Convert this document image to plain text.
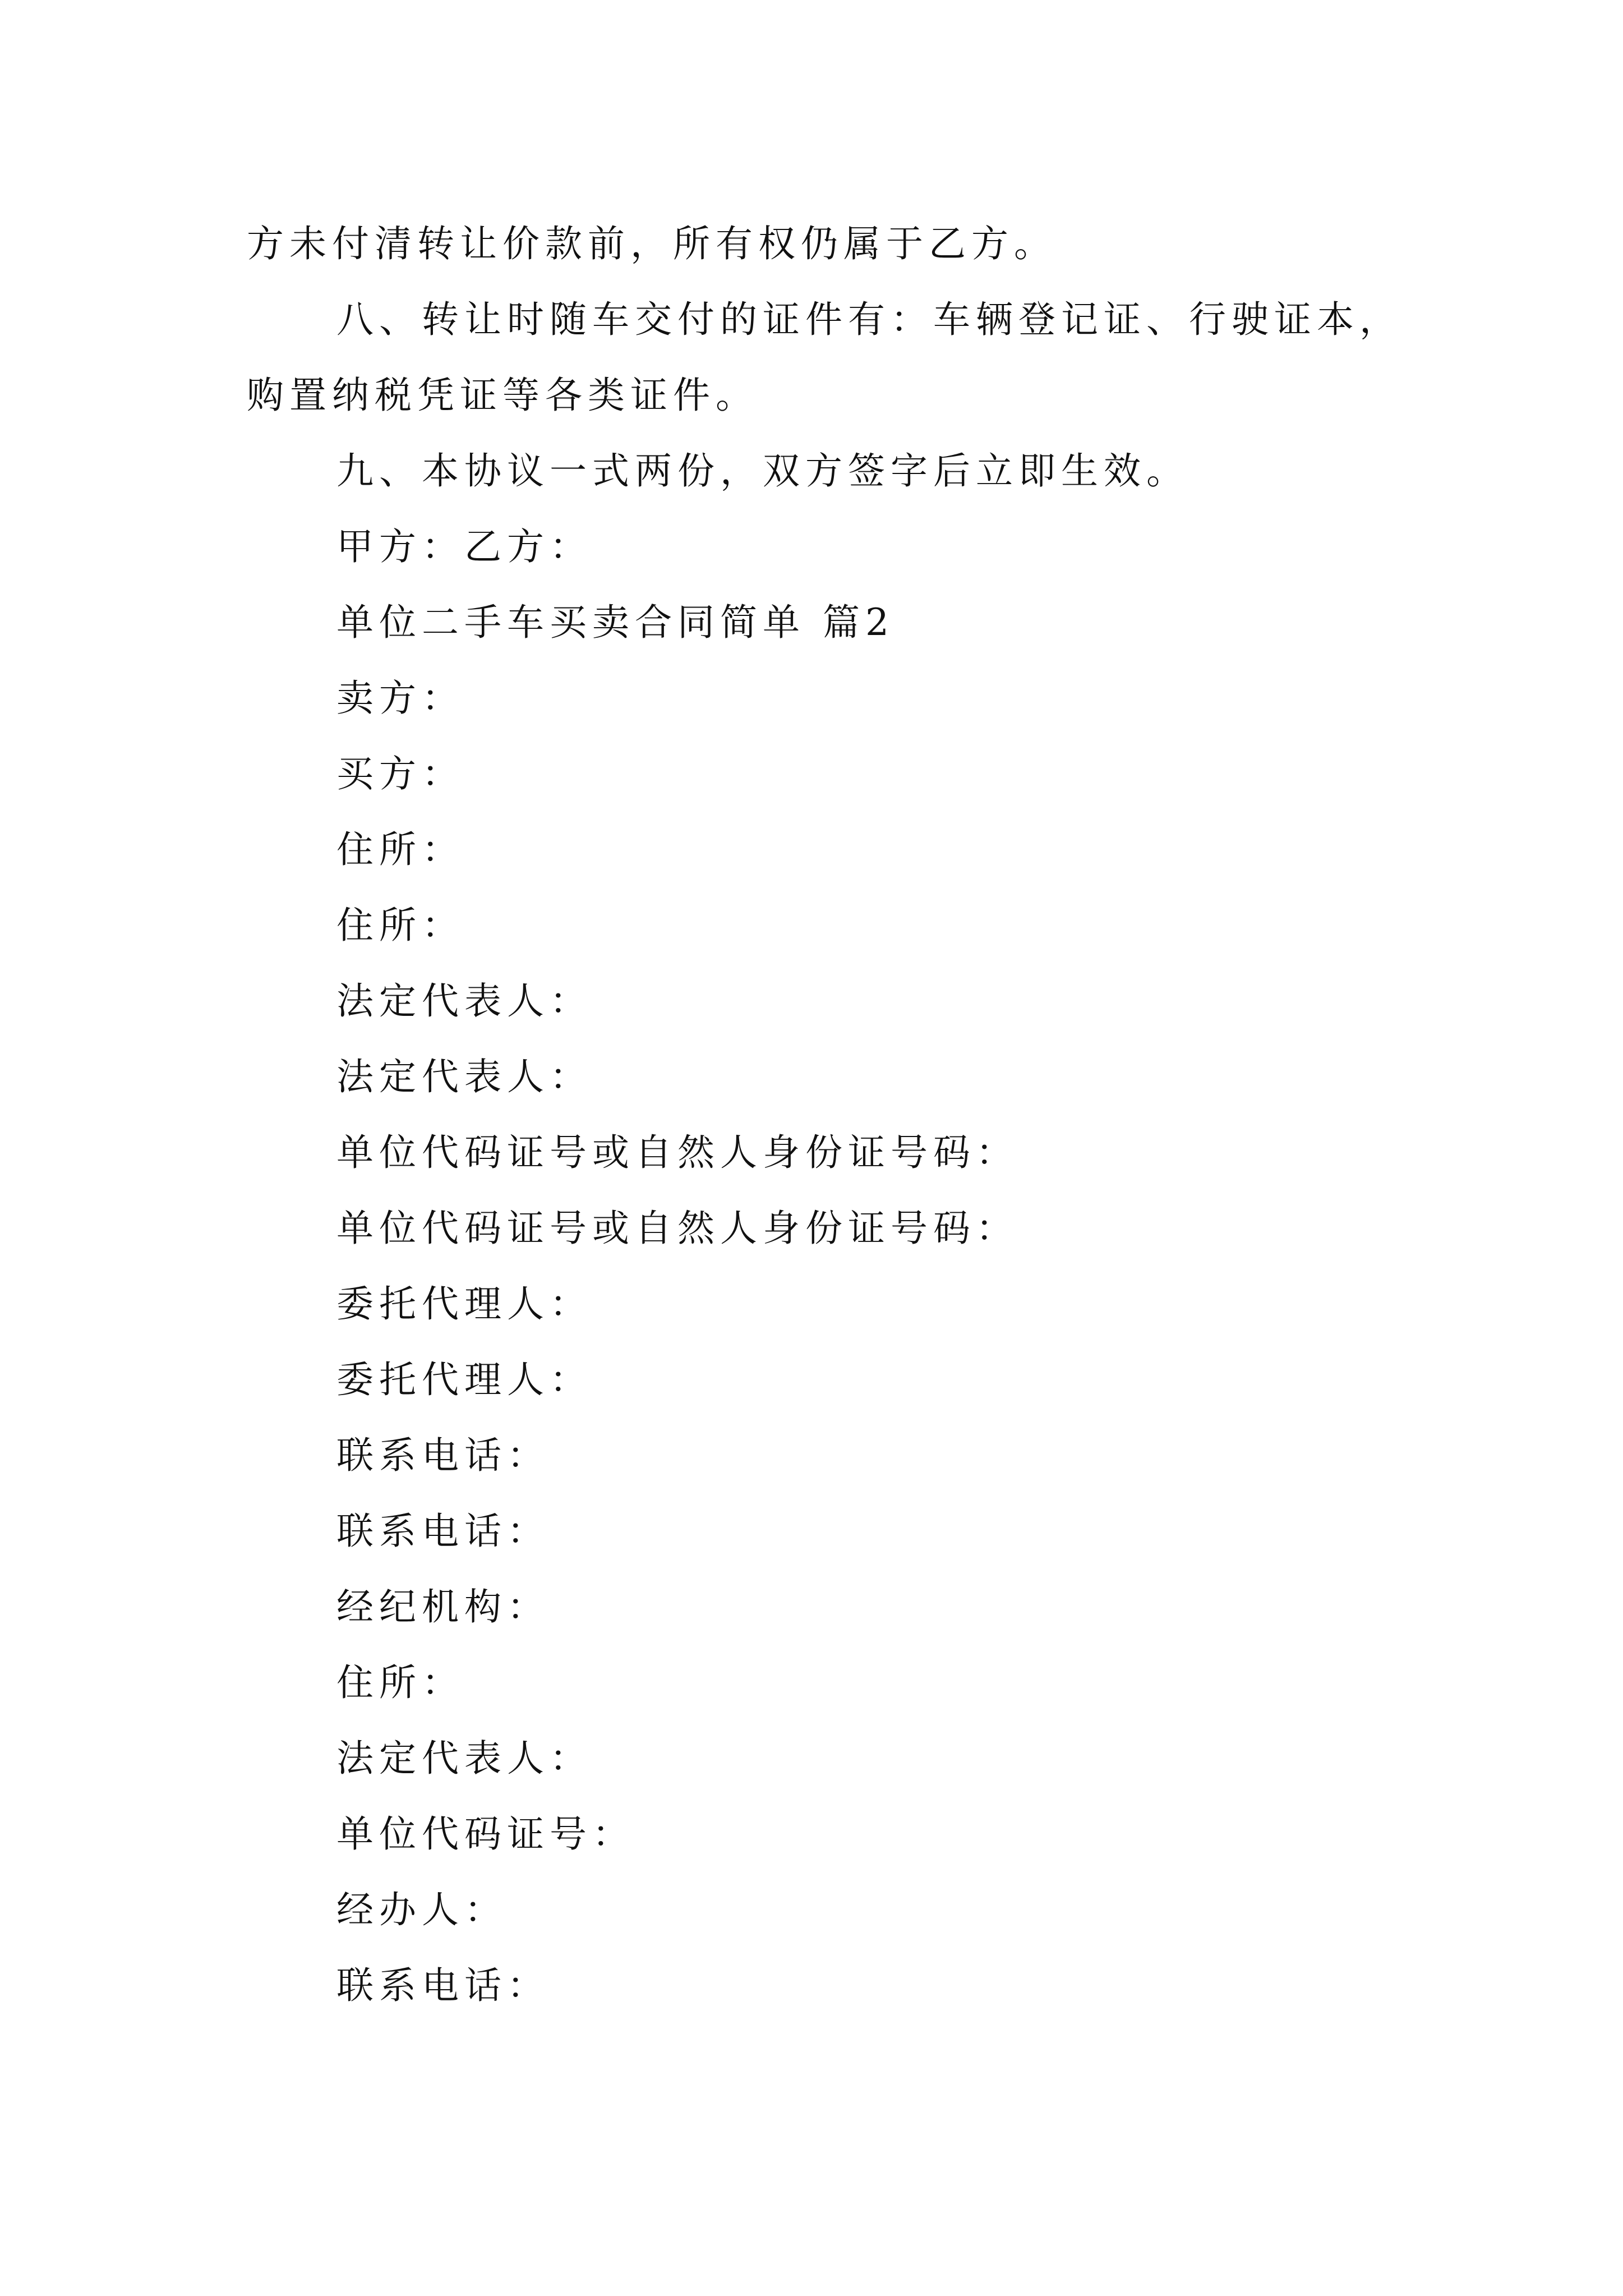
方未付清转让价款前，所有权仍属于乙方。
八、转让时随车交付的证件有：车辆登记证、行驶证本，
购置纳税凭证等各类证件。
九、本协议一式两份，双方签字后立即生效。
甲方：乙方：
单位二手车买卖合同简单 篇2
卖方：
买方：
住所：
住所：
法定代表人：
法定代表人：
单位代码证号或自然人身份证号码：
单位代码证号或自然人身份证号码：
委托代理人：
委托代理人：
联系电话：
联系电话：
经纪机构：
住所：
法定代表人：
单位代码证号：
经办人：
联系电话：
